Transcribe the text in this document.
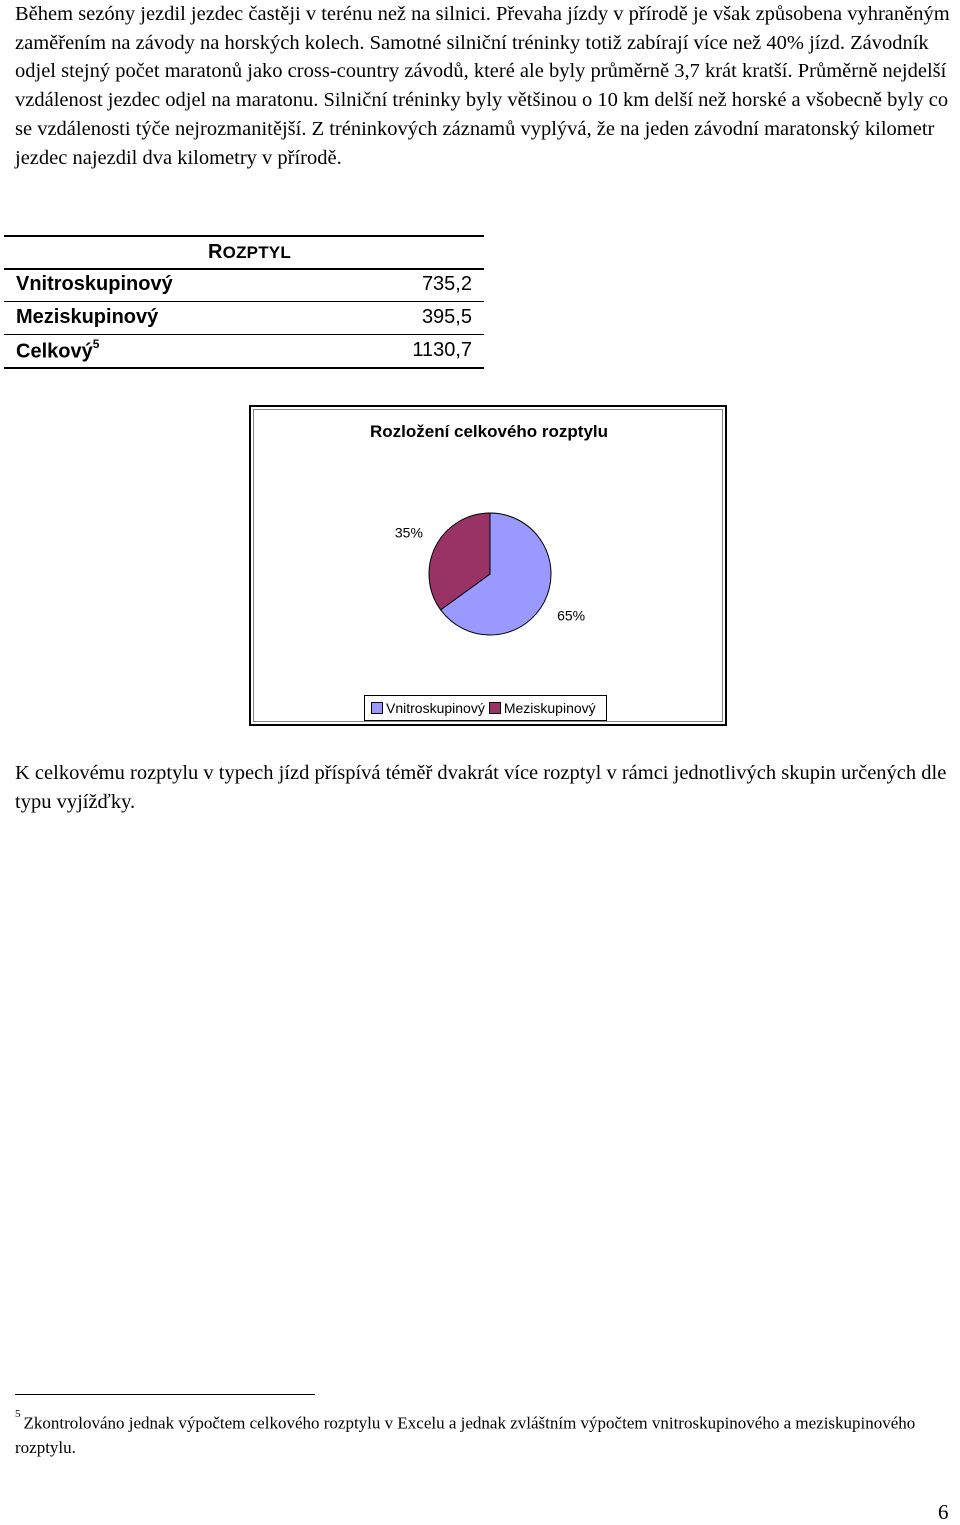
Během sezóny jezdil jezdec častěji v terénu než na silnici. Převaha jízdy v přírodě je však způsobena vyhraněným zaměřením na závody na horských kolech. Samotné silniční tréninky totiž zabírají více než 40% jízd. Závodník odjel stejný počet maratonů jako cross-country závodů, které ale byly průměrně 3,7 krát kratší. Průměrně nejdelší vzdálenost jezdec odjel na maratonu. Silniční tréninky byly většinou o 10 km delší než horské a všobecně byly co se vzdálenosti týče nejrozmanitější. Z tréninkových záznamů vyplývá, že na jeden závodní maratonský kilometr jezdec najezdil dva kilometry v přírodě.
ROZPTYL
Vnitroskupinový	735,2
Meziskupinový	395,5
Celkový$^5$	1130,7
Rozložení celkového rozptylu
65%
35%
Vnitroskupinový Meziskupinový
K celkovému rozptylu v typech jízd příspívá téměř dvakrát více rozptyl v rámci jednotlivých skupin určených dle typu vyjížďky.
$^5$ Zkontrolováno jednak výpočtem celkového rozptylu v Excelu a jednak zvláštním výpočtem vnitroskupinového a meziskupinového rozptylu.
6
